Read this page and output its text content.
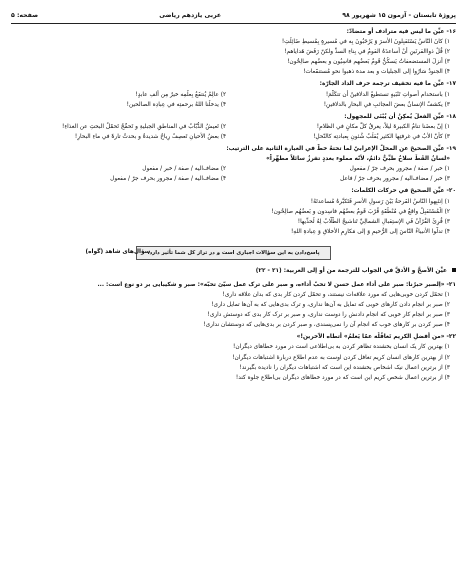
پروژهٔ تابستان - آزمون ۱۵ شهریور ۹۸
عربی یازدهم ریاضی
صفحه: ۵
۱۶- عیِّن ما لیس فیه مترادف أو متضادّ:
۱) کانَ النّاسُ یَسْتَقبِلونَ الأسرَ وَ یَرْحَبُونَ بِه في مُسیرةٍ بِمُسیطِ ضَائِلَتِ!
۲) قُلْ ذواالقرنَینِ أنْ أساعدَهُ القومُ في بِناءِ السدِّ ولکنّ رَفَضَ هَدایاهم!
۳) أَنزلَ المستضعفاتُ یَسکُنُّ قَومٌ بَعضُهم فاسِیُون و بعضُهم صالِحُون!
۴) الجنودُ سَارُوا إلی الجبلیات و بعد مدة ذهبوا نحو مُستنقَعات!
۱۷- عیِّن ما فیه تخفیف ترجمة حرف الداد الجارّة:
۱) باستخدام أصواتِ تَنْبَیهٍ تستطیعُ الدلافینُ أن تتکَلَّمَ!
۲) عالِمٌ یُنتفَعُ بِعلْمِه خیرٌ مِن ألفِ عابدٍ!
۳) یکشفُ الإنسانُ بعضَ العجائبِ في البحارِ بالدلافینِ!
۴) یدخلُنا اللهُ برحمتِه في عِبادِه الصالحین!
۱۸- عیِّن الفعلَ یُمکِنُ أن یُبْنَی للمجهول:
۱) إنّ بعضَنا تنامُ الکبیرةَ لیلاً، یغرقُ کلَّ مکانٍ في الظلامِ!
۲) تَعیشُ الدُّبّابُ في المناطقِ الجبلیةِ و تَحمِّجُ تَحمّلُ البحثِ عن الغذاءِ!
۳) کأنّ الأبُ في غرفتِها الکثیر یُقلِّبُ شُئونِ بِعبادتِه کالنّحلِ!
۴) بعضُ الأحیانِ تَعصِفُ رِیاحُ شدیدةُ و بحدثُ تارةً في ماءِ البحارِ!
۱۹- عیِّن الصحیحَ عن المحلّ الإعرابيّ لما تحتهُ خطٌّ في العبارة الثانیة على الترتیب:
«لسانُ القَطِّ سلاحٌ طبِّيٌّ دائمٌ، لأنّه مملوء بغددٍ تفرزُ سائلاً مطهِّراً»
۱) خبر / صفة / مجرور بحرف جرّ / مفعول
۲) مضاف‌الیه / صفة / خبر / مفعول
۳) خبر / مضاف‌الیه / مجرور بحرف جرّ / فاعل
۴) مضاف‌الیه / صفة / مجرور بحرف جرّ / مفعول
۲۰- عیِّن الصحیحَ في حرکات الکلمات:
۱) اِنتَبِهوا النّاسُ الفَرحةُ بَیْنَ رَسولِ الأسرِ فَتَکبَّرهُ مُساعدتَهُ!
۲) الْمُسْتَقبِلُ واقعٌ في مُنْطَقَةٍ قُرْبَ قَومٌ بعضُهُم فاسِدون و بَعضُهُم صالِحُون!
۳) قُرِئَ القُرْآنُ فَي الإستِقبالِ الشمالِيِّ تَناشیجُ الطّلّابُ لِهُ لَحدِّیها!
۴) تدلُّوا الأنبیاءُ النّاسَ إلى الرُّحیمِ وَ إلى مَکارِمِ الأخلاقِ وَ عِبادةِ اللهِ!
پاسخ‌دادن به این سؤالات اجباری است و در تراز کل شما تأثیر دارد.
سؤال‌های شاهد (گواه)
عیِّن الأصحَّ و الأدقَّ في الجواب للترجمة من أو إلی العربیة: (۲۱ - ۲۲)
۲۱- «اِلصبر حبرُنا: صبر علی أداء عمل حسن لا تحبّ أداءه، و صبر على ترک عمل سیّئ تحبّه»: صبر و شکیبایی بر دو نوع است: ...
۱) تحمّل کردن خوبی‌هایی که مورد علاقه‌ات نیستند، و تحمّل کردن کار بدی که بدان علاقه داری!
۲) صبر بر انجام دادن کارهای خوبی که تمایل به آن‌ها نداری، و ترک بدی‌هایی که به آن‌ها تمایل داری!
۳) صبر بر انجام کار خوبی که انجام دادنش را دوست نداری، و صبر بر ترک کار بدی که دوستش داری!
۴) صبر کردن بر کارهای خوب که انجام آن را نمی‌پسندی، و صبر کردن بر بدی‌هایی که دوستشان نداری!
۲۲- «من أفضلِ الکریم تَغافُلُه عمّا یَعلمُ» أتطاه الآخرین!»
۱) بهترین کار یک انسان بخشنده تظاهر کردن به بی‌اطلاعی است در مورد خطاهای دیگران!
۲) از بهترین کارهای انسان کریم تغافل کردن اوست به عدم اطلاع دربارهٔ اشتباهات دیگران!
۳) از برترین اعمال نیک اشخاص بخشنده این است که اشتباهات دیگران را نادیده بگیرند!
۴) از برترین اعمال شخص کریم این است که در مورد خطاهای دیگران بی‌اطلاع جلوه کند!
